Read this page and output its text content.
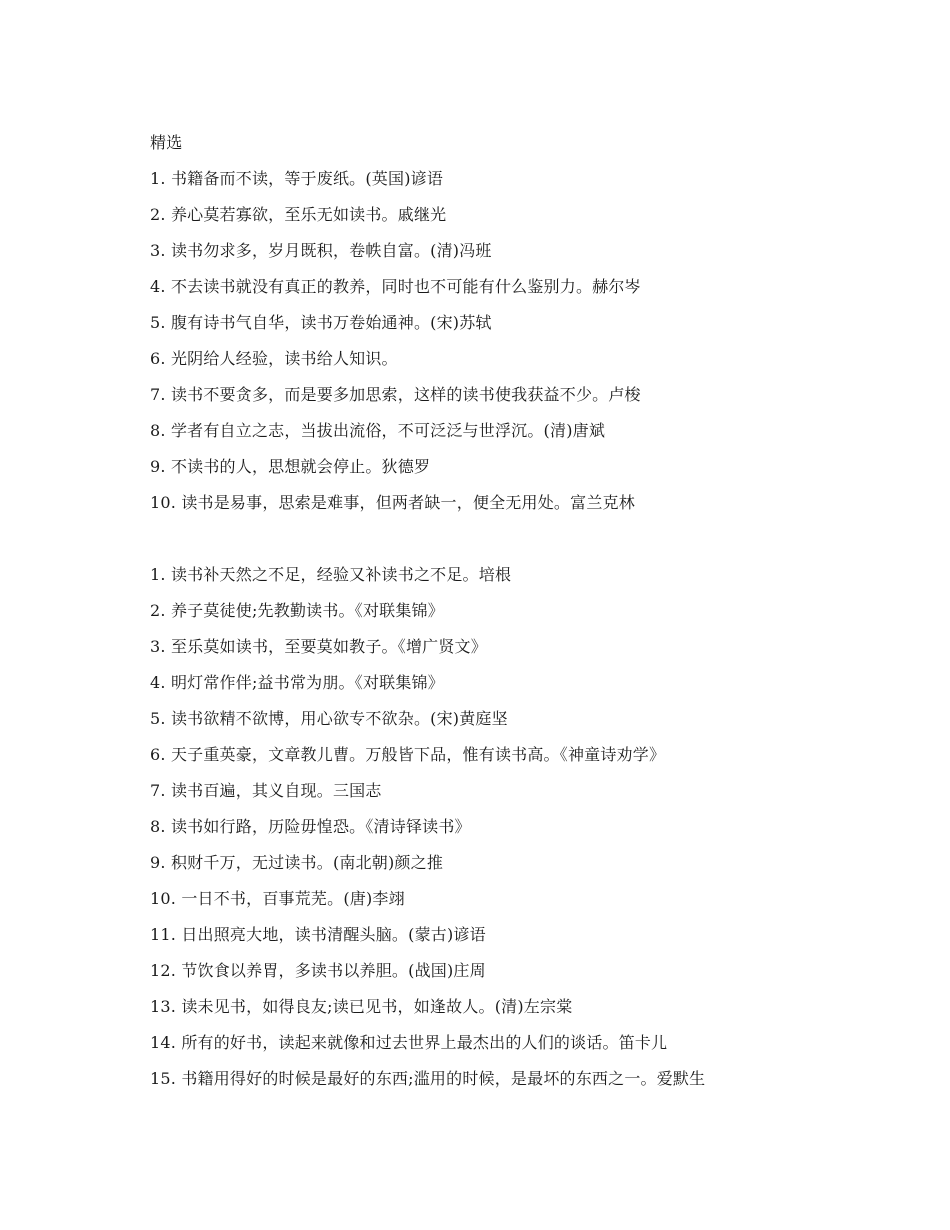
精选
1. 书籍备而不读，等于废纸。(英国)谚语
2. 养心莫若寡欲，至乐无如读书。戚继光
3. 读书勿求多，岁月既积，卷帙自富。(清)冯班
4. 不去读书就没有真正的教养，同时也不可能有什么鉴别力。赫尔岑
5. 腹有诗书气自华，读书万卷始通神。(宋)苏轼
6. 光阴给人经验，读书给人知识。
7. 读书不要贪多，而是要多加思索，这样的读书使我获益不少。卢梭
8. 学者有自立之志，当拔出流俗，不可泛泛与世浮沉。(清)唐斌
9. 不读书的人，思想就会停止。狄德罗
10. 读书是易事，思索是难事，但两者缺一，便全无用处。富兰克林
1. 读书补天然之不足，经验又补读书之不足。培根
2. 养子莫徒使;先教勤读书。《对联集锦》
3. 至乐莫如读书，至要莫如教子。《增广贤文》
4. 明灯常作伴;益书常为朋。《对联集锦》
5. 读书欲精不欲博，用心欲专不欲杂。(宋)黄庭坚
6. 天子重英豪，文章教儿曹。万般皆下品，惟有读书高。《神童诗劝学》
7. 读书百遍，其义自现。三国志
8. 读书如行路，历险毋惶恐。《清诗铎读书》
9. 积财千万，无过读书。(南北朝)颜之推
10. 一日不书，百事荒芜。(唐)李翊
11. 日出照亮大地，读书清醒头脑。(蒙古)谚语
12. 节饮食以养胃，多读书以养胆。(战国)庄周
13. 读未见书，如得良友;读已见书，如逢故人。(清)左宗棠
14. 所有的好书，读起来就像和过去世界上最杰出的人们的谈话。笛卡儿
15. 书籍用得好的时候是最好的东西;滥用的时候，是最坏的东西之一。爱默生
